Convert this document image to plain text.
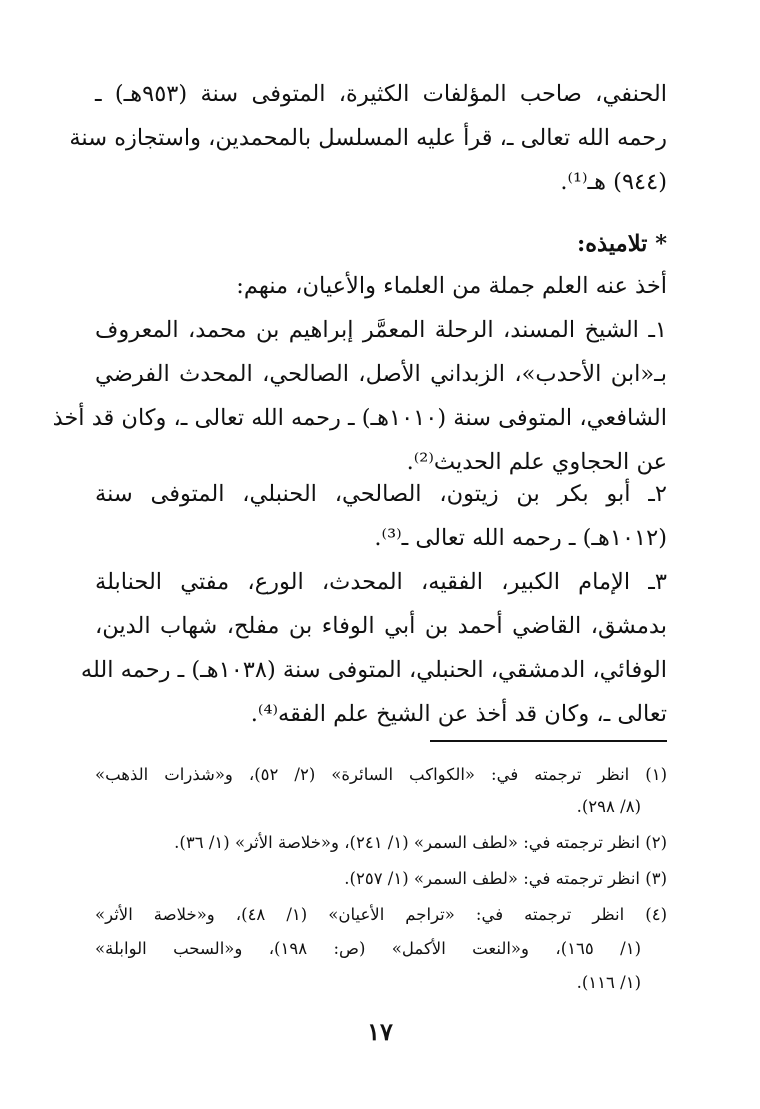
الحنفي، صاحب المؤلفات الكثيرة، المتوفى سنة (٩٥٣هـ) ـ
رحمه الله تعالى ـ، قرأ عليه المسلسل بالمحمدين، واستجازه سنة
(٩٤٤) هـ⁽¹⁾.
* تلاميذه:
أخذ عنه العلم جملة من العلماء والأعيان، منهم:
١ـ الشيخ المسند، الرحلة المعمَّر إبراهيم بن محمد، المعروف
بـ«ابن الأحدب»، الزبداني الأصل، الصالحي، المحدث الفرضي
الشافعي، المتوفى سنة (١٠١٠هـ) ـ رحمه الله تعالى ـ، وكان قد أخذ
عن الحجاوي علم الحديث⁽²⁾.
٢ـ أبو بكر بن زيتون، الصالحي، الحنبلي، المتوفى سنة
(١٠١٢هـ) ـ رحمه الله تعالى ـ⁽³⁾.
٣ـ الإمام الكبير، الفقيه، المحدث، الورع، مفتي الحنابلة
بدمشق، القاضي أحمد بن أبي الوفاء بن مفلح، شهاب الدين،
الوفائي، الدمشقي، الحنبلي، المتوفى سنة (١٠٣٨هـ) ـ رحمه الله
تعالى ـ، وكان قد أخذ عن الشيخ علم الفقه⁽⁴⁾.
(١) انظر ترجمته في: «الكواكب السائرة» (٢/ ٥٢)، و«شذرات الذهب»
(٨/ ٢٩٨).
(٢) انظر ترجمته في: «لطف السمر» (١/ ٢٤١)، و«خلاصة الأثر» (١/ ٣٦).
(٣) انظر ترجمته في: «لطف السمر» (١/ ٢٥٧).
(٤) انظر ترجمته في: «تراجم الأعيان» (١/ ٤٨)، و«خلاصة الأثر»
(١/ ١٦٥)، و«النعت الأكمل» (ص: ١٩٨)، و«السحب الوابلة»
(١/ ١١٦).
١٧
